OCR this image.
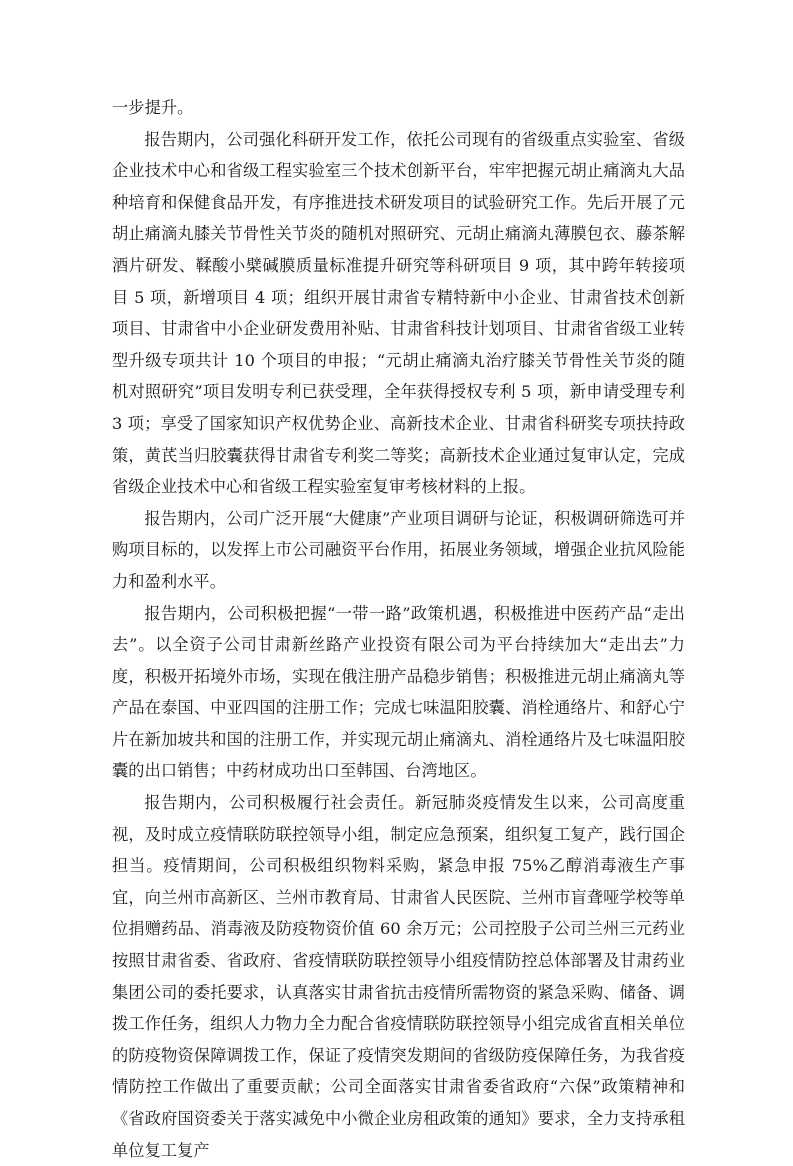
一步提升。

报告期内，公司强化科研开发工作，依托公司现有的省级重点实验室、省级企业技术中心和省级工程实验室三个技术创新平台，牢牢把握元胡止痛滴丸大品种培育和保健食品开发，有序推进技术研发项目的试验研究工作。先后开展了元胡止痛滴丸膝关节骨性关节炎的随机对照研究、元胡止痛滴丸薄膜包衣、藤茶解酒片研发、鞣酸小檗碱膜质量标准提升研究等科研项目 9 项，其中跨年转接项目 5 项，新增项目 4 项；组织开展甘肃省专精特新中小企业、甘肃省技术创新项目、甘肃省中小企业研发费用补贴、甘肃省科技计划项目、甘肃省省级工业转型升级专项共计 10 个项目的申报；“元胡止痛滴丸治疗膝关节骨性关节炎的随机对照研究”项目发明专利已获受理，全年获得授权专利 5 项，新申请受理专利 3 项；享受了国家知识产权优势企业、高新技术企业、甘肃省科研奖专项扶持政策，黄芪当归胶囊获得甘肃省专利奖二等奖；高新技术企业通过复审认定，完成省级企业技术中心和省级工程实验室复审考核材料的上报。

报告期内，公司广泛开展“大健康”产业项目调研与论证，积极调研筛选可并购项目标的，以发挥上市公司融资平台作用，拓展业务领域，增强企业抗风险能力和盈利水平。

报告期内，公司积极把握“一带一路”政策机遇，积极推进中医药产品“走出去”。以全资子公司甘肃新丝路产业投资有限公司为平台持续加大“走出去”力度，积极开拓境外市场，实现在俄注册产品稳步销售；积极推进元胡止痛滴丸等产品在泰国、中亚四国的注册工作；完成七味温阳胶囊、消栓通络片、和舒心宁片在新加坡共和国的注册工作，并实现元胡止痛滴丸、消栓通络片及七味温阳胶囊的出口销售；中药材成功出口至韩国、台湾地区。

报告期内，公司积极履行社会责任。新冠肺炎疫情发生以来，公司高度重视，及时成立疫情联防联控领导小组，制定应急预案，组织复工复产，践行国企担当。疫情期间，公司积极组织物料采购，紧急申报 75%乙醇消毒液生产事宜，向兰州市高新区、兰州市教育局、甘肃省人民医院、兰州市盲聋哑学校等单位捐赠药品、消毒液及防疫物资价值 60 余万元；公司控股子公司兰州三元药业按照甘肃省委、省政府、省疫情联防联控领导小组疫情防控总体部署及甘肃药业集团公司的委托要求，认真落实甘肃省抗击疫情所需物资的紧急采购、储备、调拨工作任务，组织人力物力全力配合省疫情联防联控领导小组完成省直相关单位的防疫物资保障调拨工作，保证了疫情突发期间的省级防疫保障任务，为我省疫情防控工作做出了重要贡献；公司全面落实甘肃省委省政府“六保”政策精神和《省政府国资委关于落实减免中小微企业房租政策的通知》要求，全力支持承租单位复工复产
